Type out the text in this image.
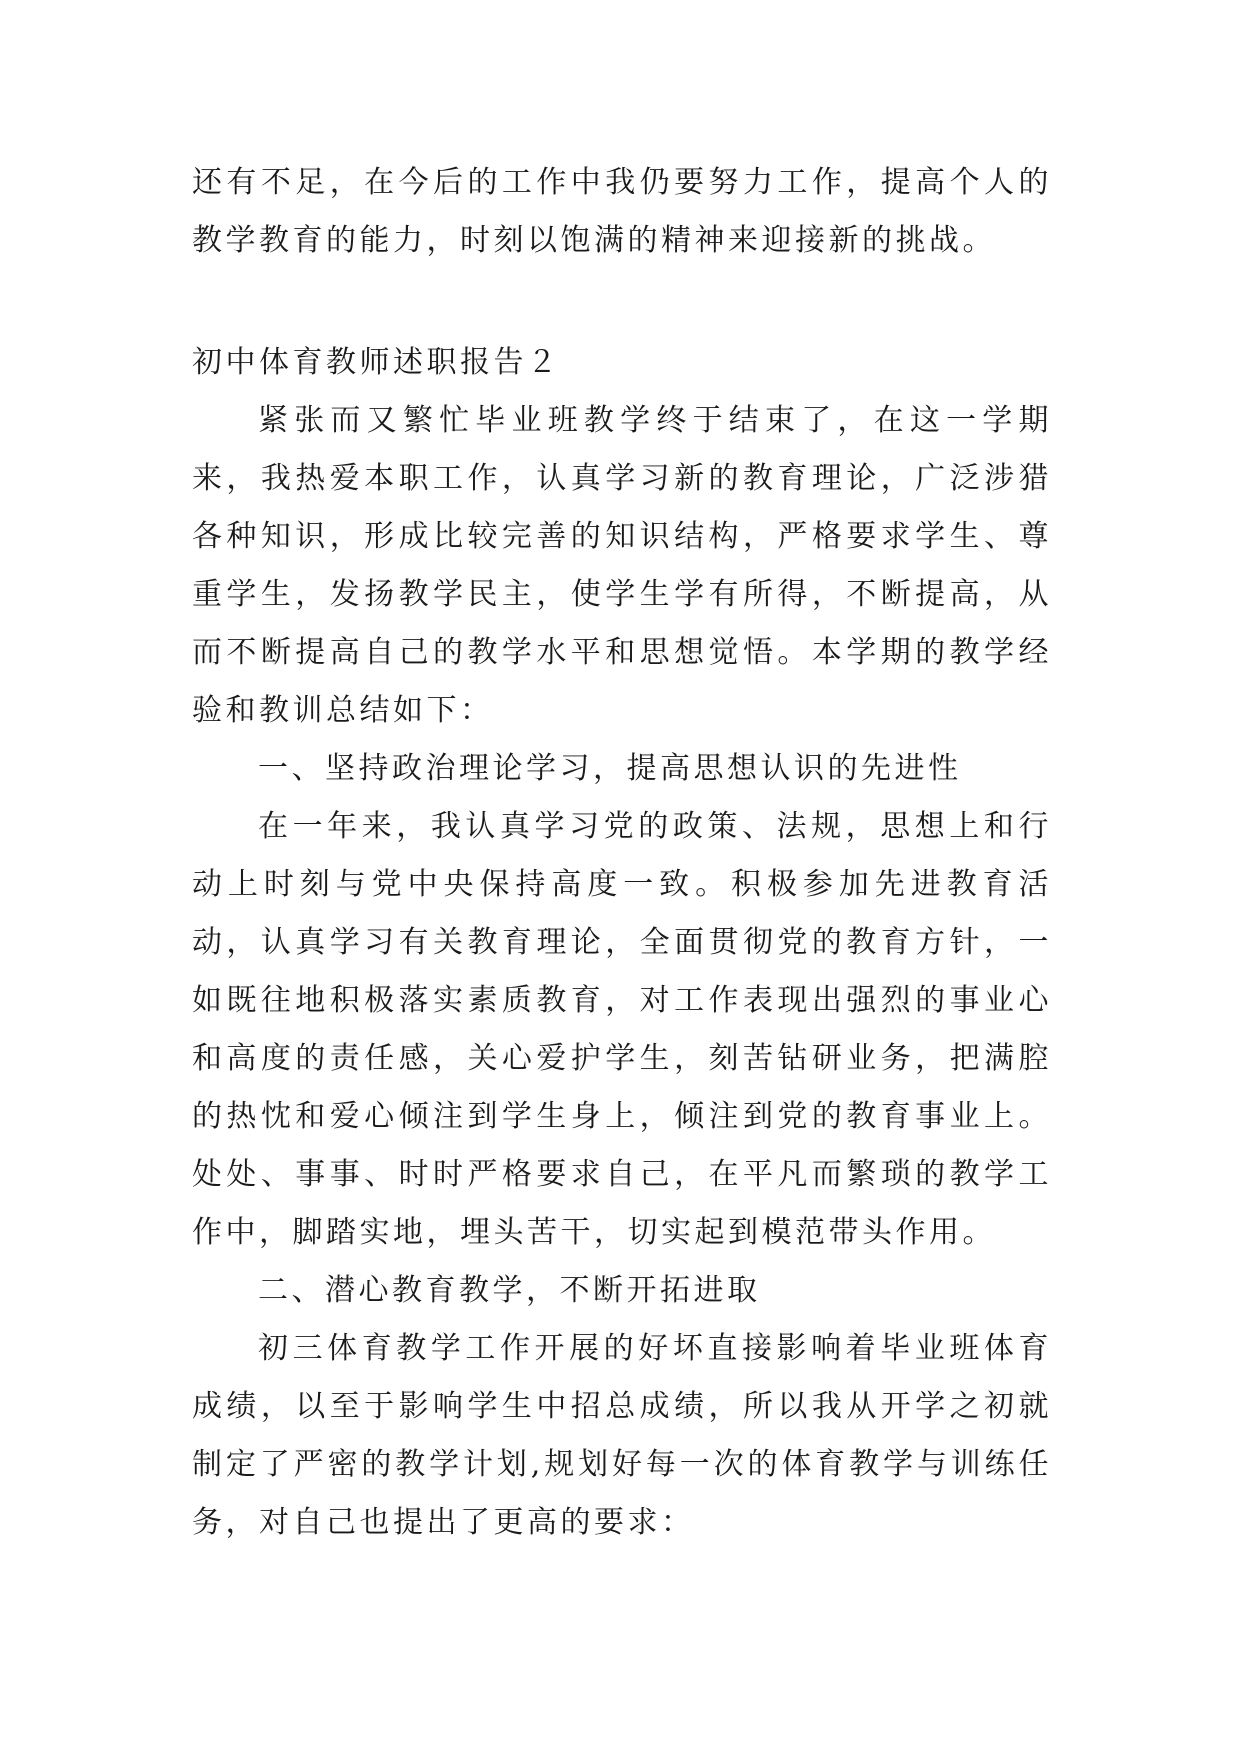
还有不足，在今后的工作中我仍要努力工作，提高个人的教学教育的能力，时刻以饱满的精神来迎接新的挑战。

初中体育教师述职报告２

紧张而又繁忙毕业班教学终于结束了，在这一学期来，我热爱本职工作，认真学习新的教育理论，广泛涉猎各种知识，形成比较完善的知识结构，严格要求学生、尊重学生，发扬教学民主，使学生学有所得，不断提高，从而不断提高自己的教学水平和思想觉悟。本学期的教学经验和教训总结如下：

一、坚持政治理论学习，提高思想认识的先进性

在一年来，我认真学习党的政策、法规，思想上和行动上时刻与党中央保持高度一致。积极参加先进教育活动，认真学习有关教育理论，全面贯彻党的教育方针，一如既往地积极落实素质教育，对工作表现出强烈的事业心和高度的责任感，关心爱护学生，刻苦钻研业务，把满腔的热忱和爱心倾注到学生身上，倾注到党的教育事业上。处处、事事、时时严格要求自己，在平凡而繁琐的教学工作中，脚踏实地，埋头苦干，切实起到模范带头作用。

二、潜心教育教学，不断开拓进取

初三体育教学工作开展的好坏直接影响着毕业班体育成绩，以至于影响学生中招总成绩，所以我从开学之初就制定了严密的教学计划,规划好每一次的体育教学与训练任务，对自己也提出了更高的要求：
